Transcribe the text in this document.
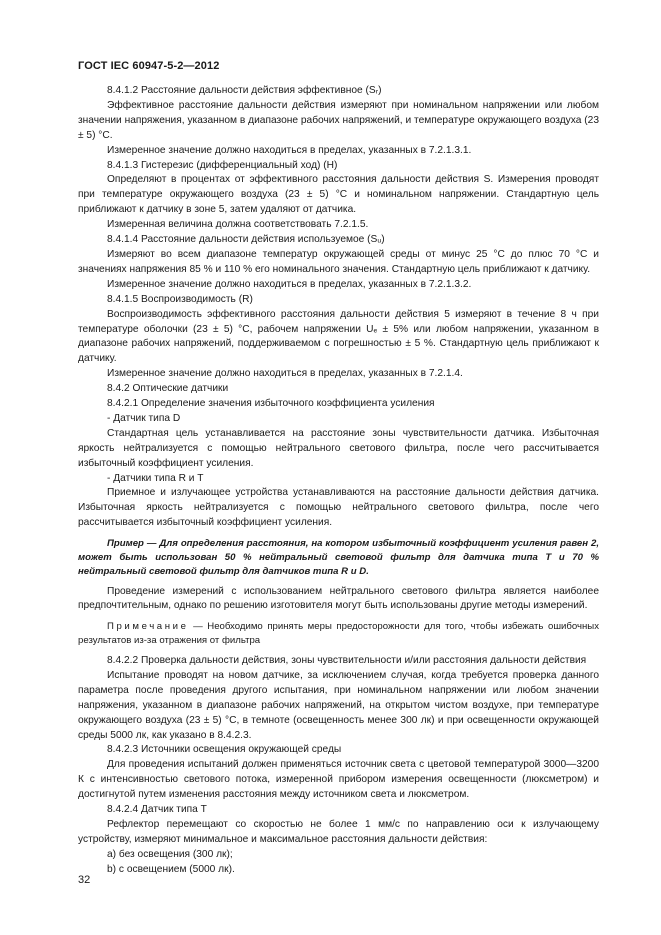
ГОСТ IEC 60947-5-2—2012

8.4.1.2 Расстояние дальности действия эффективное (Sᵣ)

Эффективное расстояние дальности действия измеряют при номинальном напряжении или любом значении напряжения, указанном в диапазоне рабочих напряжений, и температуре окружающего воздуха (23 ± 5) °С.

Измеренное значение должно находиться в пределах, указанных в 7.2.1.3.1.

8.4.1.3 Гистерезис (дифференциальный ход) (Н)

Определяют в процентах от эффективного расстояния дальности действия S. Измерения проводят при температуре окружающего воздуха (23 ± 5) °С и номинальном напряжении. Стандартную цель приближают к датчику в зоне 5, затем удаляют от датчика.

Измеренная величина должна соответствовать 7.2.1.5.

8.4.1.4 Расстояние дальности действия используемое (Sᵤ)

Измеряют во всем диапазоне температур окружающей среды от минус 25 °С до плюс 70 °С и значениях напряжения 85 % и 110 % его номинального значения. Стандартную цель приближают к датчику.

Измеренное значение должно находиться в пределах, указанных в 7.2.1.3.2.

8.4.1.5 Воспроизводимость (R)

Воспроизводимость эффективного расстояния дальности действия 5 измеряют в течение 8 ч при температуре оболочки (23 ± 5) °С, рабочем напряжении Uₑ ± 5% или любом напряжении, указанном в диапазоне рабочих напряжений, поддерживаемом с погрешностью ± 5 %. Стандартную цель приближают к датчику.

Измеренное значение должно находиться в пределах, указанных в 7.2.1.4.

8.4.2 Оптические датчики

8.4.2.1 Определение значения избыточного коэффициента усиления

- Датчик типа D

Стандартная цель устанавливается на расстояние зоны чувствительности датчика. Избыточная яркость нейтрализуется с помощью нейтрального светового фильтра, после чего рассчитывается избыточный коэффициент усиления.

- Датчики типа R и Т

Приемное и излучающее устройства устанавливаются на расстояние дальности действия датчика. Избыточная яркость нейтрализуется с помощью нейтрального светового фильтра, после чего рассчитывается избыточный коэффициент усиления.

Пример — Для определения расстояния, на котором избыточный коэффициент усиления равен 2, может быть использован 50 % нейтральный световой фильтр для датчика типа Т и 70 % нейтральный световой фильтр для датчиков типа R и D.

Проведение измерений с использованием нейтрального светового фильтра является наиболее предпочтительным, однако по решению изготовителя могут быть использованы другие методы измерений.

Примечание — Необходимо принять меры предосторожности для того, чтобы избежать ошибочных результатов из-за отражения от фильтра

8.4.2.2 Проверка дальности действия, зоны чувствительности и/или расстояния дальности действия

Испытание проводят на новом датчике, за исключением случая, когда требуется проверка данного параметра после проведения другого испытания, при номинальном напряжении или любом значении напряжения, указанном в диапазоне рабочих напряжений, на открытом чистом воздухе, при температуре окружающего воздуха (23 ± 5) °С, в темноте (освещенность менее 300 лк) и при освещенности окружающей среды 5000 лк, как указано в 8.4.2.3.

8.4.2.3 Источники освещения окружающей среды

Для проведения испытаний должен применяться источник света с цветовой температурой 3000—3200 К с интенсивностью светового потока, измеренной прибором измерения освещенности (люксметром) и достигнутой путем изменения расстояния между источником света и люксметром.

8.4.2.4 Датчик типа Т

Рефлектор перемещают со скоростью не более 1 мм/с по направлению оси к излучающему устройству, измеряют минимальное и максимальное расстояния дальности действия:

a) без освещения (300 лк);

b) с освещением (5000 лк).

32
